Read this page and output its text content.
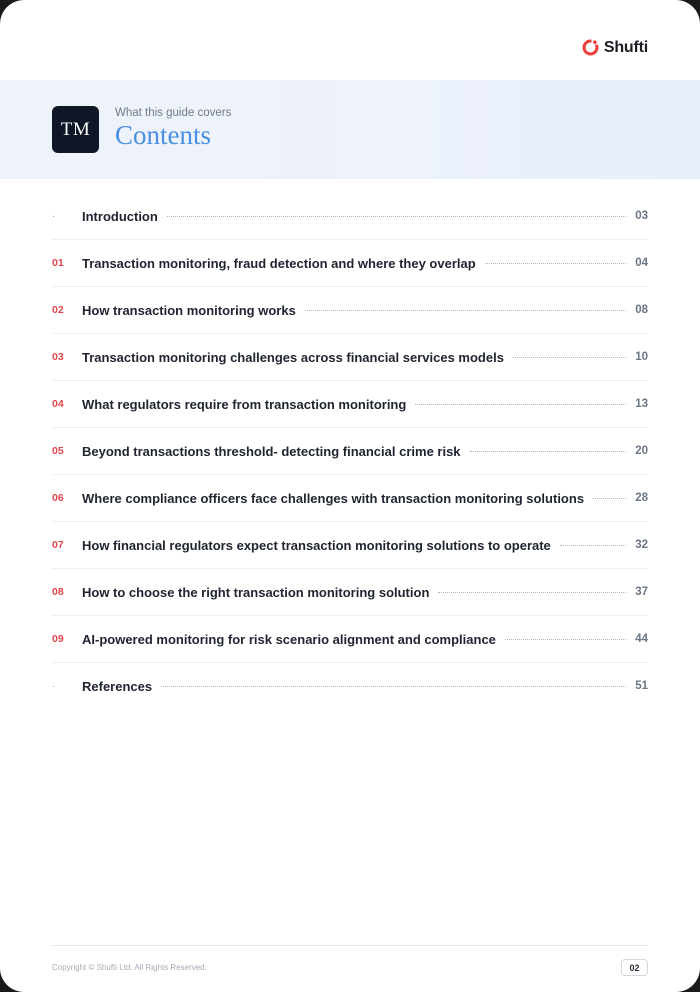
Shufti
TM
What this guide covers
Contents
·	Introduction	03
01	Transaction monitoring, fraud detection and where they overlap	04
02	How transaction monitoring works	08
03	Transaction monitoring challenges across financial services models	10
04	What regulators require from transaction monitoring	13
05	Beyond transactions threshold- detecting financial crime risk	20
06	Where compliance officers face challenges with transaction monitoring solutions	28
07	How financial regulators expect transaction monitoring solutions to operate	32
08	How to choose the right transaction monitoring solution	37
09	AI-powered monitoring for risk scenario alignment and compliance	44
·	References	51
Copyright © Shufti Ltd. All Rights Reserved.	02
